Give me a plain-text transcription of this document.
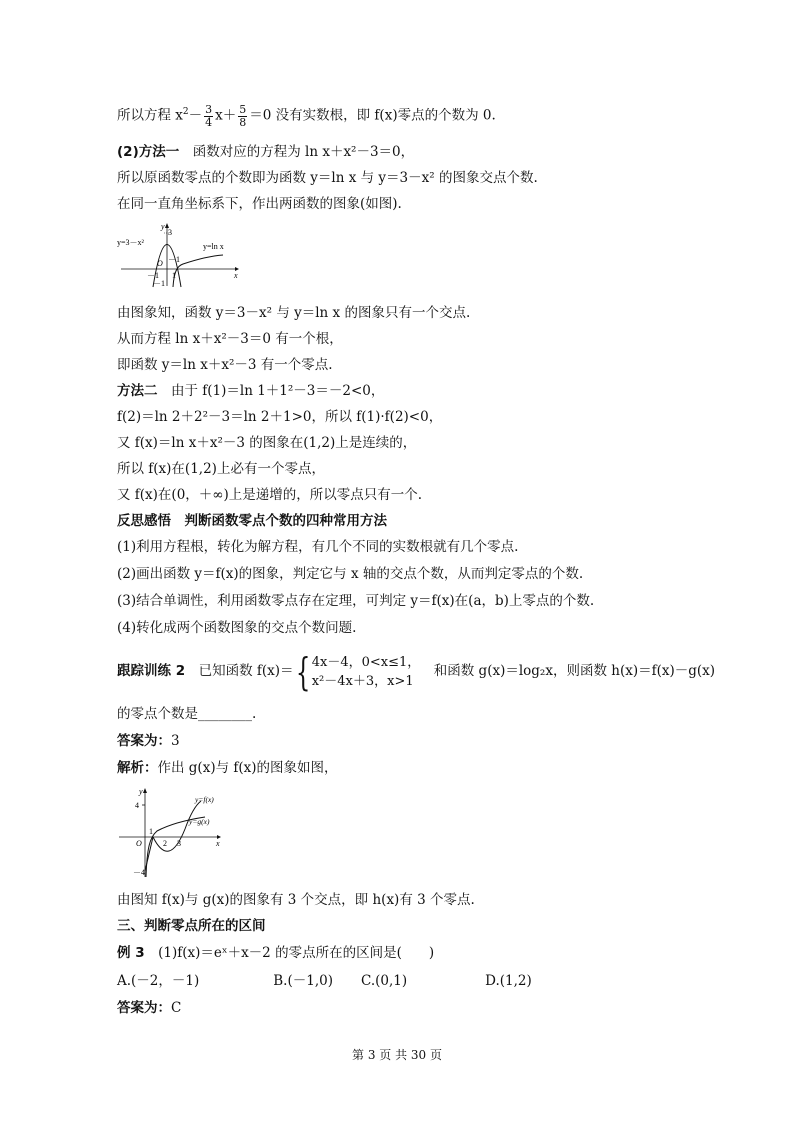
所以方程 $x^2- \frac{3}{4} x+ \frac{5}{8} =0$ 没有实数根，即 f(x)零点的个数为 0.
(2)方法一　函数对应的方程为 ln x＋x²－3＝0，
所以原函数零点的个数即为函数 y＝ln x 与 y＝3－x² 的图象交点个数.
在同一直角坐标系下，作出两函数的图象(如图).
y=3－x²	y=ln x
y
x
3
O －1
－1 1
－1
由图象知，函数 y＝3－x² 与 y＝ln x 的图象只有一个交点.
从而方程 ln x＋x²－3＝0 有一个根，
即函数 y＝ln x＋x²－3 有一个零点.
方法二　由于 f(1)＝ln 1＋1²－3＝－2<0，
f(2)＝ln 2＋2²－3＝ln 2＋1>0，所以 f(1)·f(2)<0，
又 f(x)＝ln x＋x²－3 的图象在(1,2)上是连续的，
所以 f(x)在(1,2)上必有一个零点，
又 f(x)在(0，＋∞)上是递增的，所以零点只有一个.
反思感悟　判断函数零点个数的四种常用方法
(1)利用方程根，转化为解方程，有几个不同的实数根就有几个零点.
(2)画出函数 y＝f(x)的图象，判定它与 x 轴的交点个数，从而判定零点的个数.
(3)结合单调性，利用函数零点存在定理，可判定 y＝f(x)在(a，b)上零点的个数.
(4)转化成两个函数图象的交点个数问题.
跟踪训练 2　已知函数 f(x)＝{ 4x－4，0<x≤1，
x²－4x＋3，x>1
　和函数 g(x)＝log₂x，则函数 h(x)＝f(x)－g(x)
的零点个数是________.
答案为：3
解析：作出 g(x)与 f(x)的图象如图，
y
x
4
－4
O
1
2 3
y=f(x)
y=g(x)
由图知 f(x)与 g(x)的图象有 3 个交点，即 h(x)有 3 个零点.
三、判断零点所在的区间
例 3　(1)f(x)＝eˣ＋x－2 的零点所在的区间是(　　)
A.(－2，－1)	B.(－1,0) C.(0,1)	D.(1,2)
答案为：C
第 3 页 共 30 页
